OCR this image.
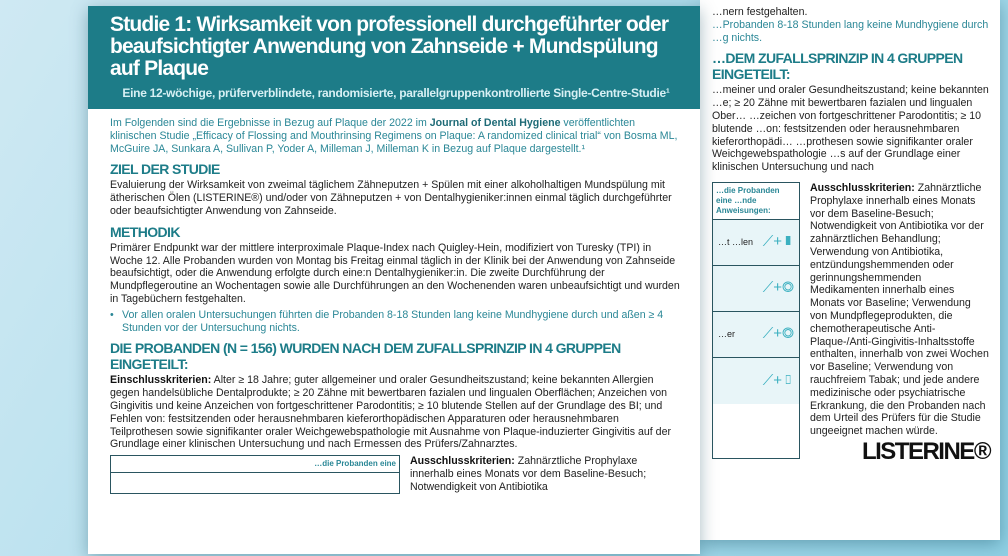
…nern festgehalten.
…Probanden 8-18 Stunden lang keine Mundhygiene durch
…g nichts.
…DEM ZUFALLSPRINZIP IN 4 GRUPPEN EINGETEILT:
…meiner und oraler Gesundheitszustand; keine bekannten …e; ≥ 20 Zähne mit bewertbaren fazialen und lingualen Ober… …zeichen von fortgeschrittener Parodontitis; ≥ 10 blutende …on: festsitzenden oder herausnehmbaren kieferorthopädi… …prothesen sowie signifikanter oraler Weichgewebspathologie …s auf der Grundlage einer klinischen Untersuchung und nach
…die Probanden eine …nde Anweisungen:
…t …len ⟋+▮
⟋+◎
…er ⟋+◎
⟋+▯
Ausschlusskriterien: Zahnärztliche Prophylaxe innerhalb eines Monats vor dem Baseline-Besuch; Notwendigkeit von Antibiotika vor der zahnärztlichen Behandlung; Verwendung von Antibiotika, entzündungshemmenden oder gerinnungshemmenden Medikamenten innerhalb eines Monats vor Baseline; Verwendung von Mundpflegeprodukten, die chemotherapeutische Anti-Plaque-/Anti-Gingivitis-Inhaltsstoffe enthalten, innerhalb von zwei Wochen vor Baseline; Verwendung von rauchfreiem Tabak; und jede andere medizinische oder psychiatrische Erkrankung, die den Probanden nach dem Urteil des Prüfers für die Studie ungeeignet machen würde.
LISTERINE®
Studie 1: Wirksamkeit von professionell durchgeführter oder beaufsichtigter Anwendung von Zahnseide + Mundspülung auf Plaque
Eine 12-wöchige, prüferverblindete, randomisierte, parallelgruppenkontrollierte Single-Centre-Studie¹

Im Folgenden sind die Ergebnisse in Bezug auf Plaque der 2022 im Journal of Dental Hygiene veröffentlichten klinischen Studie „Efficacy of Flossing and Mouthrinsing Regimens on Plaque: A randomized clinical trial“ von Bosma ML, McGuire JA, Sunkara A, Sullivan P, Yoder A, Milleman J, Milleman K in Bezug auf Plaque dargestellt.¹

ZIEL DER STUDIE

Evaluierung der Wirksamkeit von zweimal täglichem Zähneputzen + Spülen mit einer alkoholhaltigen Mundspülung mit ätherischen Ölen (LISTERINE®) und/oder von Zähneputzen + von Dentalhygieniker:innen einmal täglich durchgeführter oder beaufsichtigter Anwendung von Zahnseide.

METHODIK

Primärer Endpunkt war der mittlere interproximale Plaque-Index nach Quigley-Hein, modifiziert von Turesky (TPI) in Woche 12. Alle Probanden wurden von Montag bis Freitag einmal täglich in der Klinik bei der Anwendung von Zahnseide beaufsichtigt, oder die Anwendung erfolgte durch eine:n Dentalhygieniker:in. Die zweite Durchführung der Mundpflegeroutine an Wochentagen sowie alle Durchführungen an den Wochenenden waren unbeaufsichtigt und wurden in Tagebüchern festgehalten.

• Vor allen oralen Untersuchungen führten die Probanden 8-18 Stunden lang keine Mundhygiene durch und aßen ≥ 4 Stunden vor der Untersuchung nichts.

DIE PROBANDEN (N = 156) WURDEN NACH DEM ZUFALLSPRINZIP IN 4 GRUPPEN EINGETEILT:

Einschlusskriterien: Alter ≥ 18 Jahre; guter allgemeiner und oraler Gesundheitszustand; keine bekannten Allergien gegen handelsübliche Dentalprodukte; ≥ 20 Zähne mit bewertbaren fazialen und lingualen Oberflächen; Anzeichen von Gingivitis und keine Anzeichen von fortgeschrittener Parodontitis; ≥ 10 blutende Stellen auf der Grundlage des BI; und Fehlen von: festsitzenden oder herausnehmbaren kieferorthopädischen Apparaturen oder herausnehmbaren Teilprothesen sowie signifikanter oraler Weichgewebspathologie mit Ausnahme von Plaque-induzierter Gingivitis auf der Grundlage einer klinischen Untersuchung und nach Ermessen des Prüfers/Zahnarztes.

…die Probanden eine Ausschlusskriterien: Zahnärztliche Prophylaxe innerhalb eines Monats vor dem Baseline-Besuch; Notwendigkeit von Antibiotika
